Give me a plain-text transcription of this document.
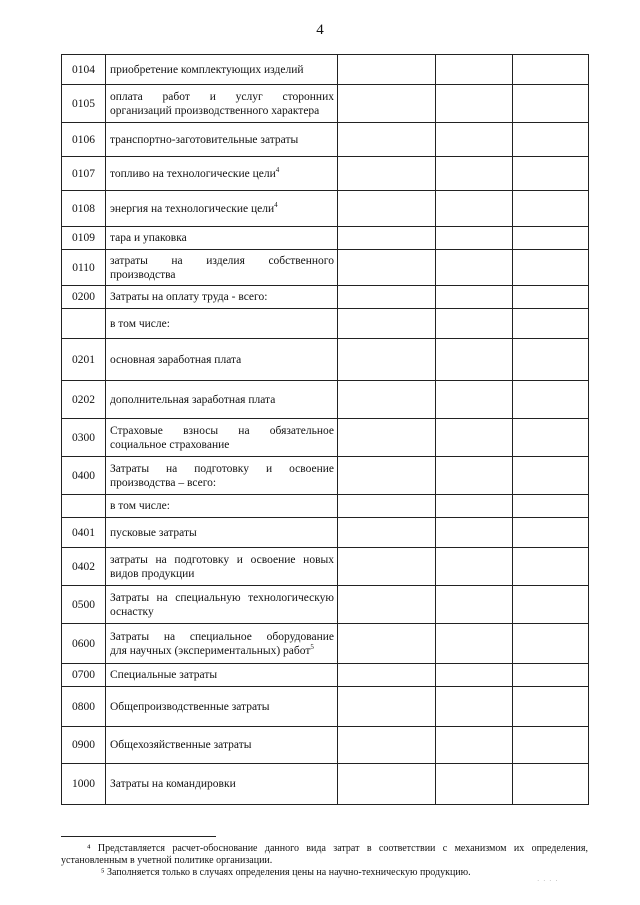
4
0104	приобретение комплектующих изделий			
0105	оплата работ и услуг сторонних
организаций производственного характера			

0106	транспортно-заготовительные затраты			
0107	топливо на технологические цели$^4$			
0108	энергия на технологические цели$^4$			
0109	тара и упаковка			
0110	затраты на изделия собственного
производства			

0200	Затраты на оплату труда - всего:			
	в том числе:			
0201	основная заработная плата			
0202	дополнительная заработная плата			
0300	Страховые взносы на обязательное
социальное страхование			

0400	Затраты на подготовку и освоение
производства – всего:			

	в том числе:			
0401	пусковые затраты			
0402	затраты на подготовку и освоение новых
видов продукции			

0500	Затраты на специальную технологическую
оснастку			

0600	Затраты на специальное оборудование
для научных (экспериментальных) работ$^5$

0700	Специальные затраты			
0800	Общепроизводственные затраты			
0900	Общехозяйственные затраты			
1000	Затраты на командировки			

⁴ Представляется расчет-обоснование данного вида затрат в соответствии с механизмом их определения, установленным в учетной политике организации.

⁵ Заполняется только в случаях определения цены на научно-техническую продукцию.

· · · ·
